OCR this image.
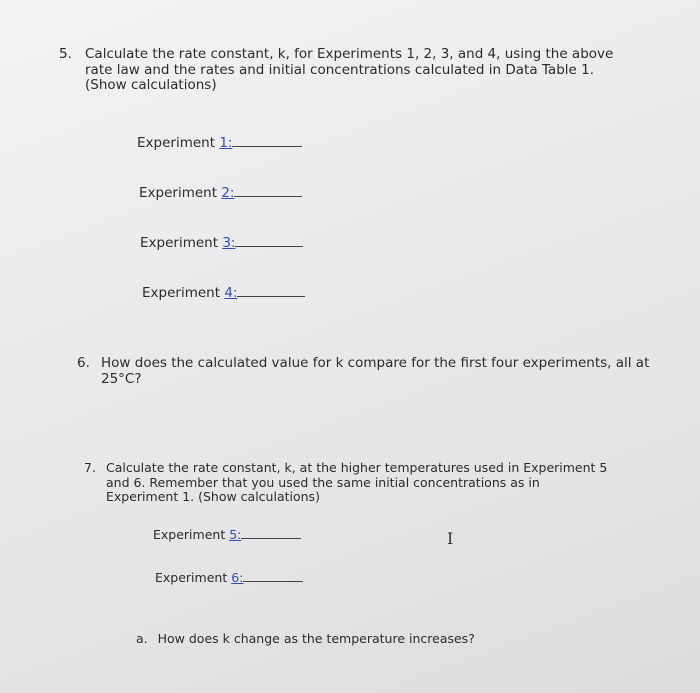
5. Calculate the rate constant, k, for Experiments 1, 2, 3, and 4, using the above
rate law and the rates and initial concentrations calculated in Data Table 1.
(Show calculations)
Experiment 1:
Experiment 2:
Experiment 3:
Experiment 4:
6. How does the calculated value for k compare for the first four experiments, all at
25°C?
7. Calculate the rate constant, k, at the higher temperatures used in Experiment 5
and 6. Remember that you used the same initial concentrations as in
Experiment 1. (Show calculations)
Experiment 5:	I
Experiment 6:
a. How does k change as the temperature increases?
